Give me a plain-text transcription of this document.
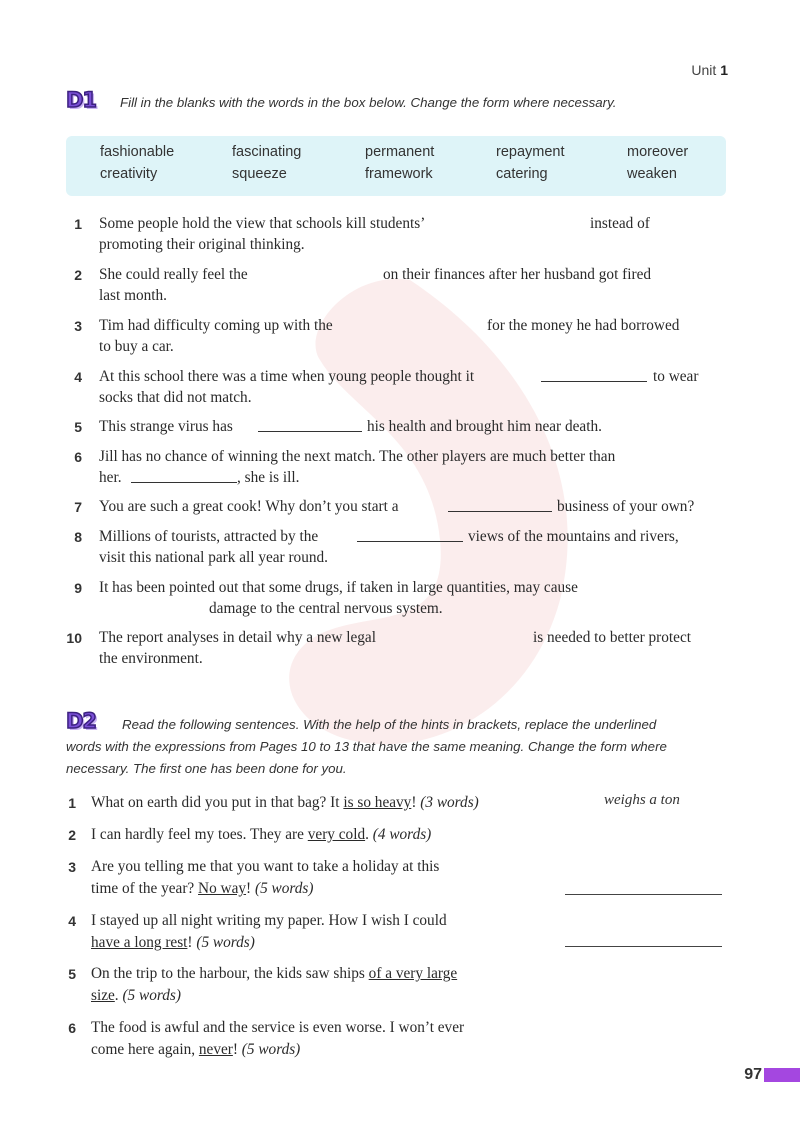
Unit 1
D1 Fill in the blanks with the words in the box below. Change the form where necessary.
fashionable	fascinating	permanent	repayment	moreover
creativity	squeeze	framework	catering	weaken
1 Some people hold the view that schools kill students’	instead of
promoting their original thinking.
2 She could really feel the	on their finances after her husband got fired
last month.
3 Tim had difficulty coming up with the	for the money he had borrowed
to buy a car.
4 At this school there was a time when young people thought it	to wear
socks that did not match.
5 This strange virus has	his health and brought him near death.
6 Jill has no chance of winning the next match. The other players are much better than
her.	, she is ill.
7 You are such a great cook! Why don’t you start a	business of your own?
8 Millions of tourists, attracted by the	views of the mountains and rivers,
visit this national park all year round.
9 It has been pointed out that some drugs, if taken in large quantities, may cause
damage to the central nervous system.
10 The report analyses in detail why a new legal	is needed to better protect
the environment.
D2 Read the following sentences. With the help of the hints in brackets, replace the underlined
words with the expressions from Pages 10 to 13 that have the same meaning. Change the form where
necessary. The first one has been done for you.
weighs a ton
1 What on earth did you put in that bag? It is so heavy! (3 words)
2 I can hardly feel my toes. They are very cold. (4 words)
3 Are you telling me that you want to take a holiday at this
time of the year? No way! (5 words)
4 I stayed up all night writing my paper. How I wish I could
have a long rest! (5 words)
5 On the trip to the harbour, the kids saw ships of a very large
size. (5 words)
6 The food is awful and the service is even worse. I won’t ever
come here again, never! (5 words)
97
